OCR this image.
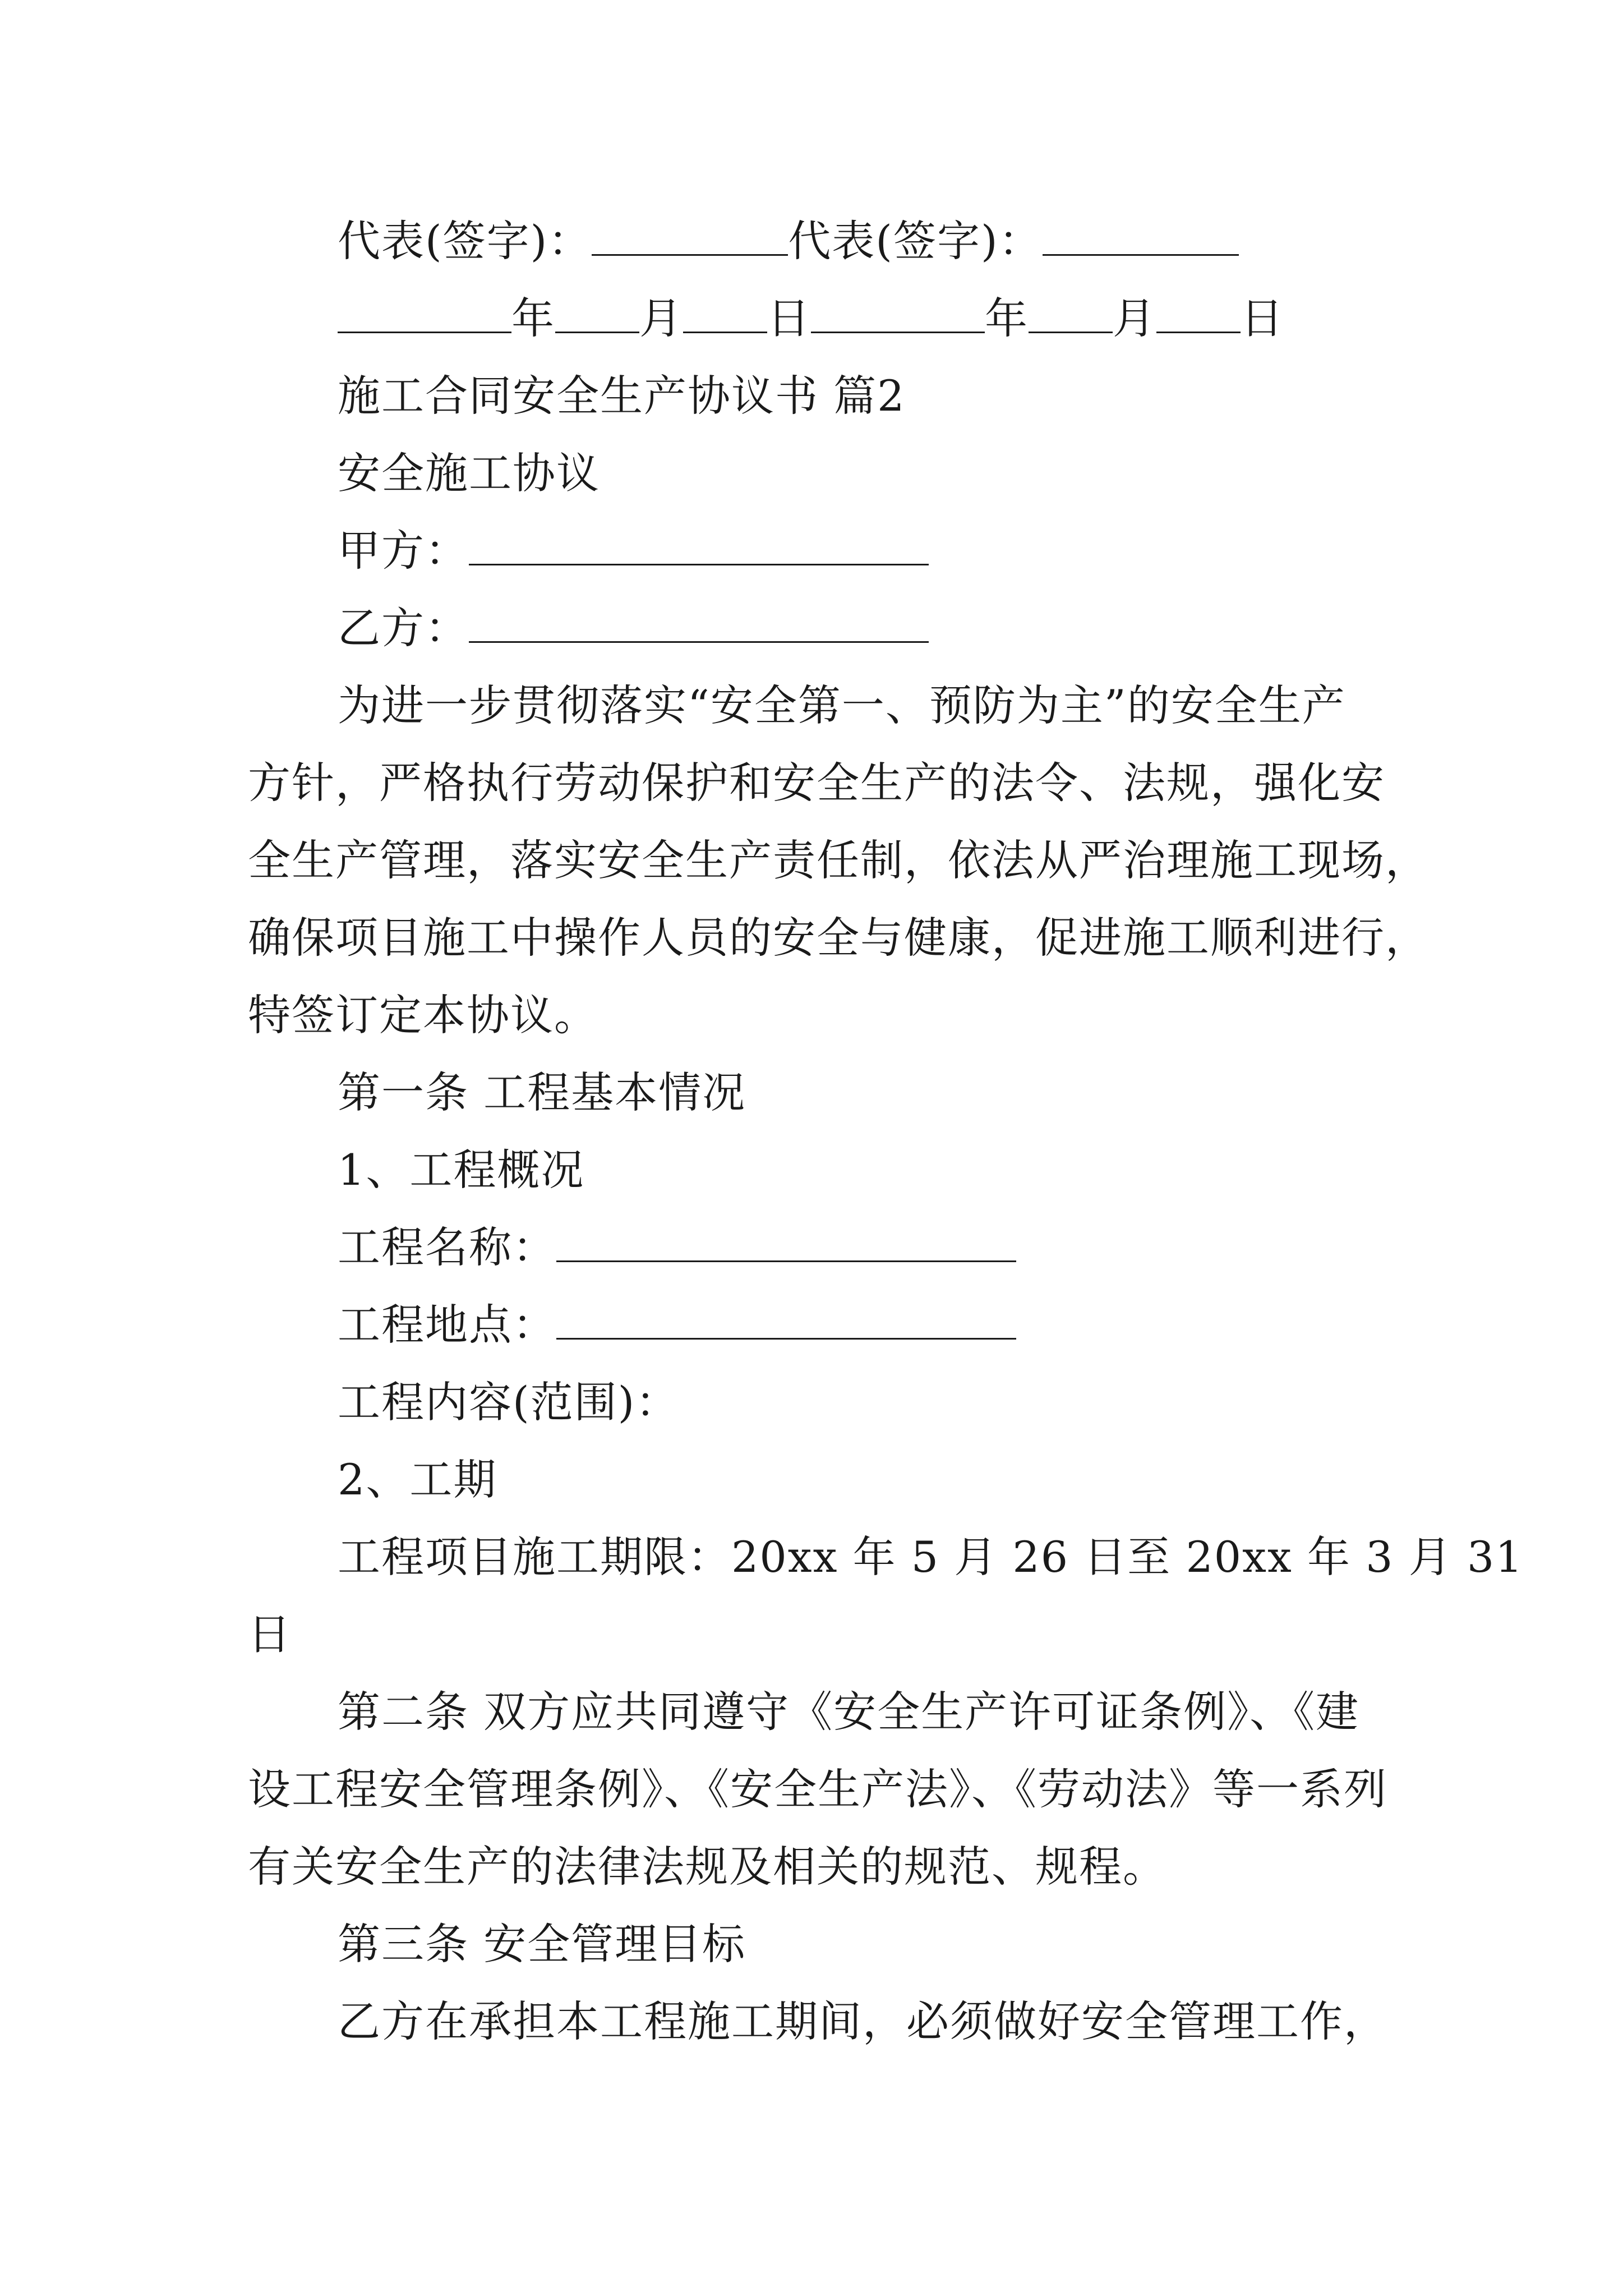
代表(签字)：	代表(签字)：
年 月 日	年 月 日
施工合同安全生产协议书 篇2
安全施工协议
甲方：
乙方：
为进一步贯彻落实“安全第一、预防为主”的安全生产
方针，严格执行劳动保护和安全生产的法令、法规，强化安
全生产管理，落实安全生产责任制，依法从严治理施工现场，
确保项目施工中操作人员的安全与健康，促进施工顺利进行，
特签订定本协议。
第一条 工程基本情况
1、工程概况
工程名称：
工程地点：
工程内容(范围)：
2、工期
工程项目施工期限：20xx 年 5 月 26 日至 20xx 年 3 月 31
日
第二条 双方应共同遵守《安全生产许可证条例》、《建
设工程安全管理条例》、《安全生产法》、《劳动法》等一系列
有关安全生产的法律法规及相关的规范、规程。
第三条 安全管理目标
乙方在承担本工程施工期间，必须做好安全管理工作，
